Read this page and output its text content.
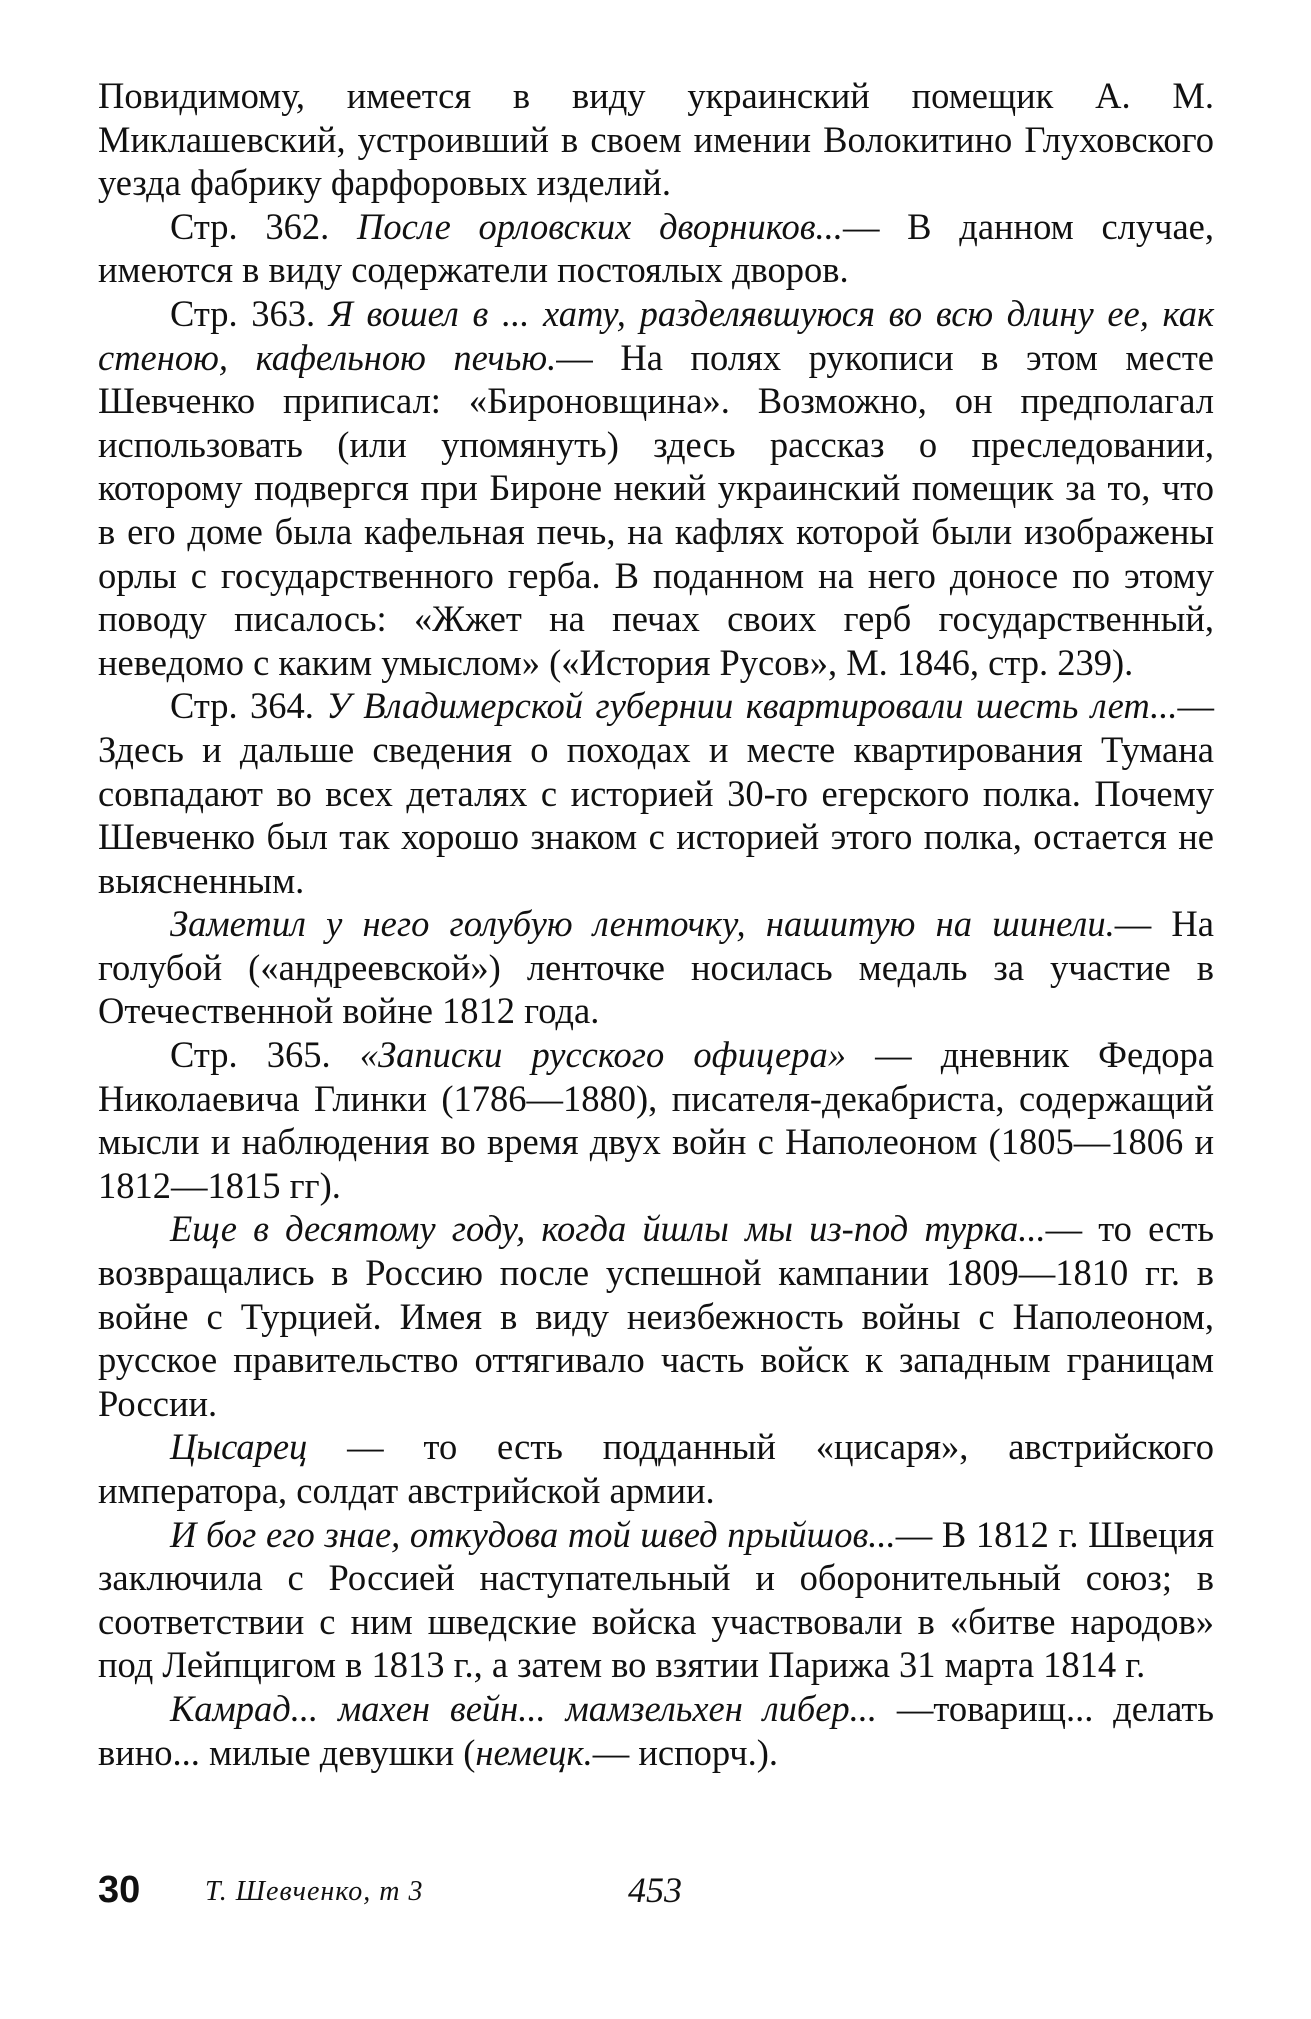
Повидимому, имеется в виду украинский помещик А. М. Миклашевский, устроивший в своем имении Волокитино Глуховского уезда фабрику фарфоровых изделий.

Стр. 362. После орловских дворников...— В данном случае, имеются в виду содержатели постоялых дворов.

Стр. 363. Я вошел в ... хату, разделявшуюся во всю длину ее, как стеною, кафельною печью.— На полях рукописи в этом месте Шевченко приписал: «Бироновщина». Возможно, он предполагал использовать (или упомянуть) здесь рассказ о преследовании, которому подвергся при Бироне некий украинский помещик за то, что в его доме была кафельная печь, на кафлях которой были изображены орлы с государственного герба. В поданном на него доносе по этому поводу писалось: «Жжет на печах своих герб государственный, неведомо с каким умыслом» («История Русов», М. 1846, стр. 239).

Стр. 364. У Владимерской губернии квартировали шесть лет...— Здесь и дальше сведения о походах и месте квартирования Тумана совпадают во всех деталях с историей 30-го егерского полка. Почему Шевченко был так хорошо знаком с историей этого полка, остается не выясненным.

Заметил у него голубую ленточку, нашитую на шинели.— На голубой («андреевской») ленточке носилась медаль за участие в Отечественной войне 1812 года.

Стр. 365. «Записки русского офицера» — дневник Федора Николаевича Глинки (1786—1880), писателя-декабриста, содержащий мысли и наблюдения во время двух войн с Наполеоном (1805—1806 и 1812—1815 гг).

Еще в десятому году, когда йшлы мы из-под турка...— то есть возвращались в Россию после успешной кампании 1809—1810 гг. в войне с Турцией. Имея в виду неизбежность войны с Наполеоном, русское правительство оттягивало часть войск к западным границам России.

Цысарец — то есть подданный «цисаря», австрийского императора, солдат австрийской армии.

И бог его знае, откудова той швед прыйшов...— В 1812 г. Швеция заключила с Россией наступательный и оборонительный союз; в соответствии с ним шведские войска участвовали в «битве народов» под Лейпцигом в 1813 г., а затем во взятии Парижа 31 марта 1814 г.

Камрад... махен вейн... мамзельхен либер... —товарищ... делать вино... милые девушки (немецк.— испорч.).

30 Т. Шевченко, т 3	453
